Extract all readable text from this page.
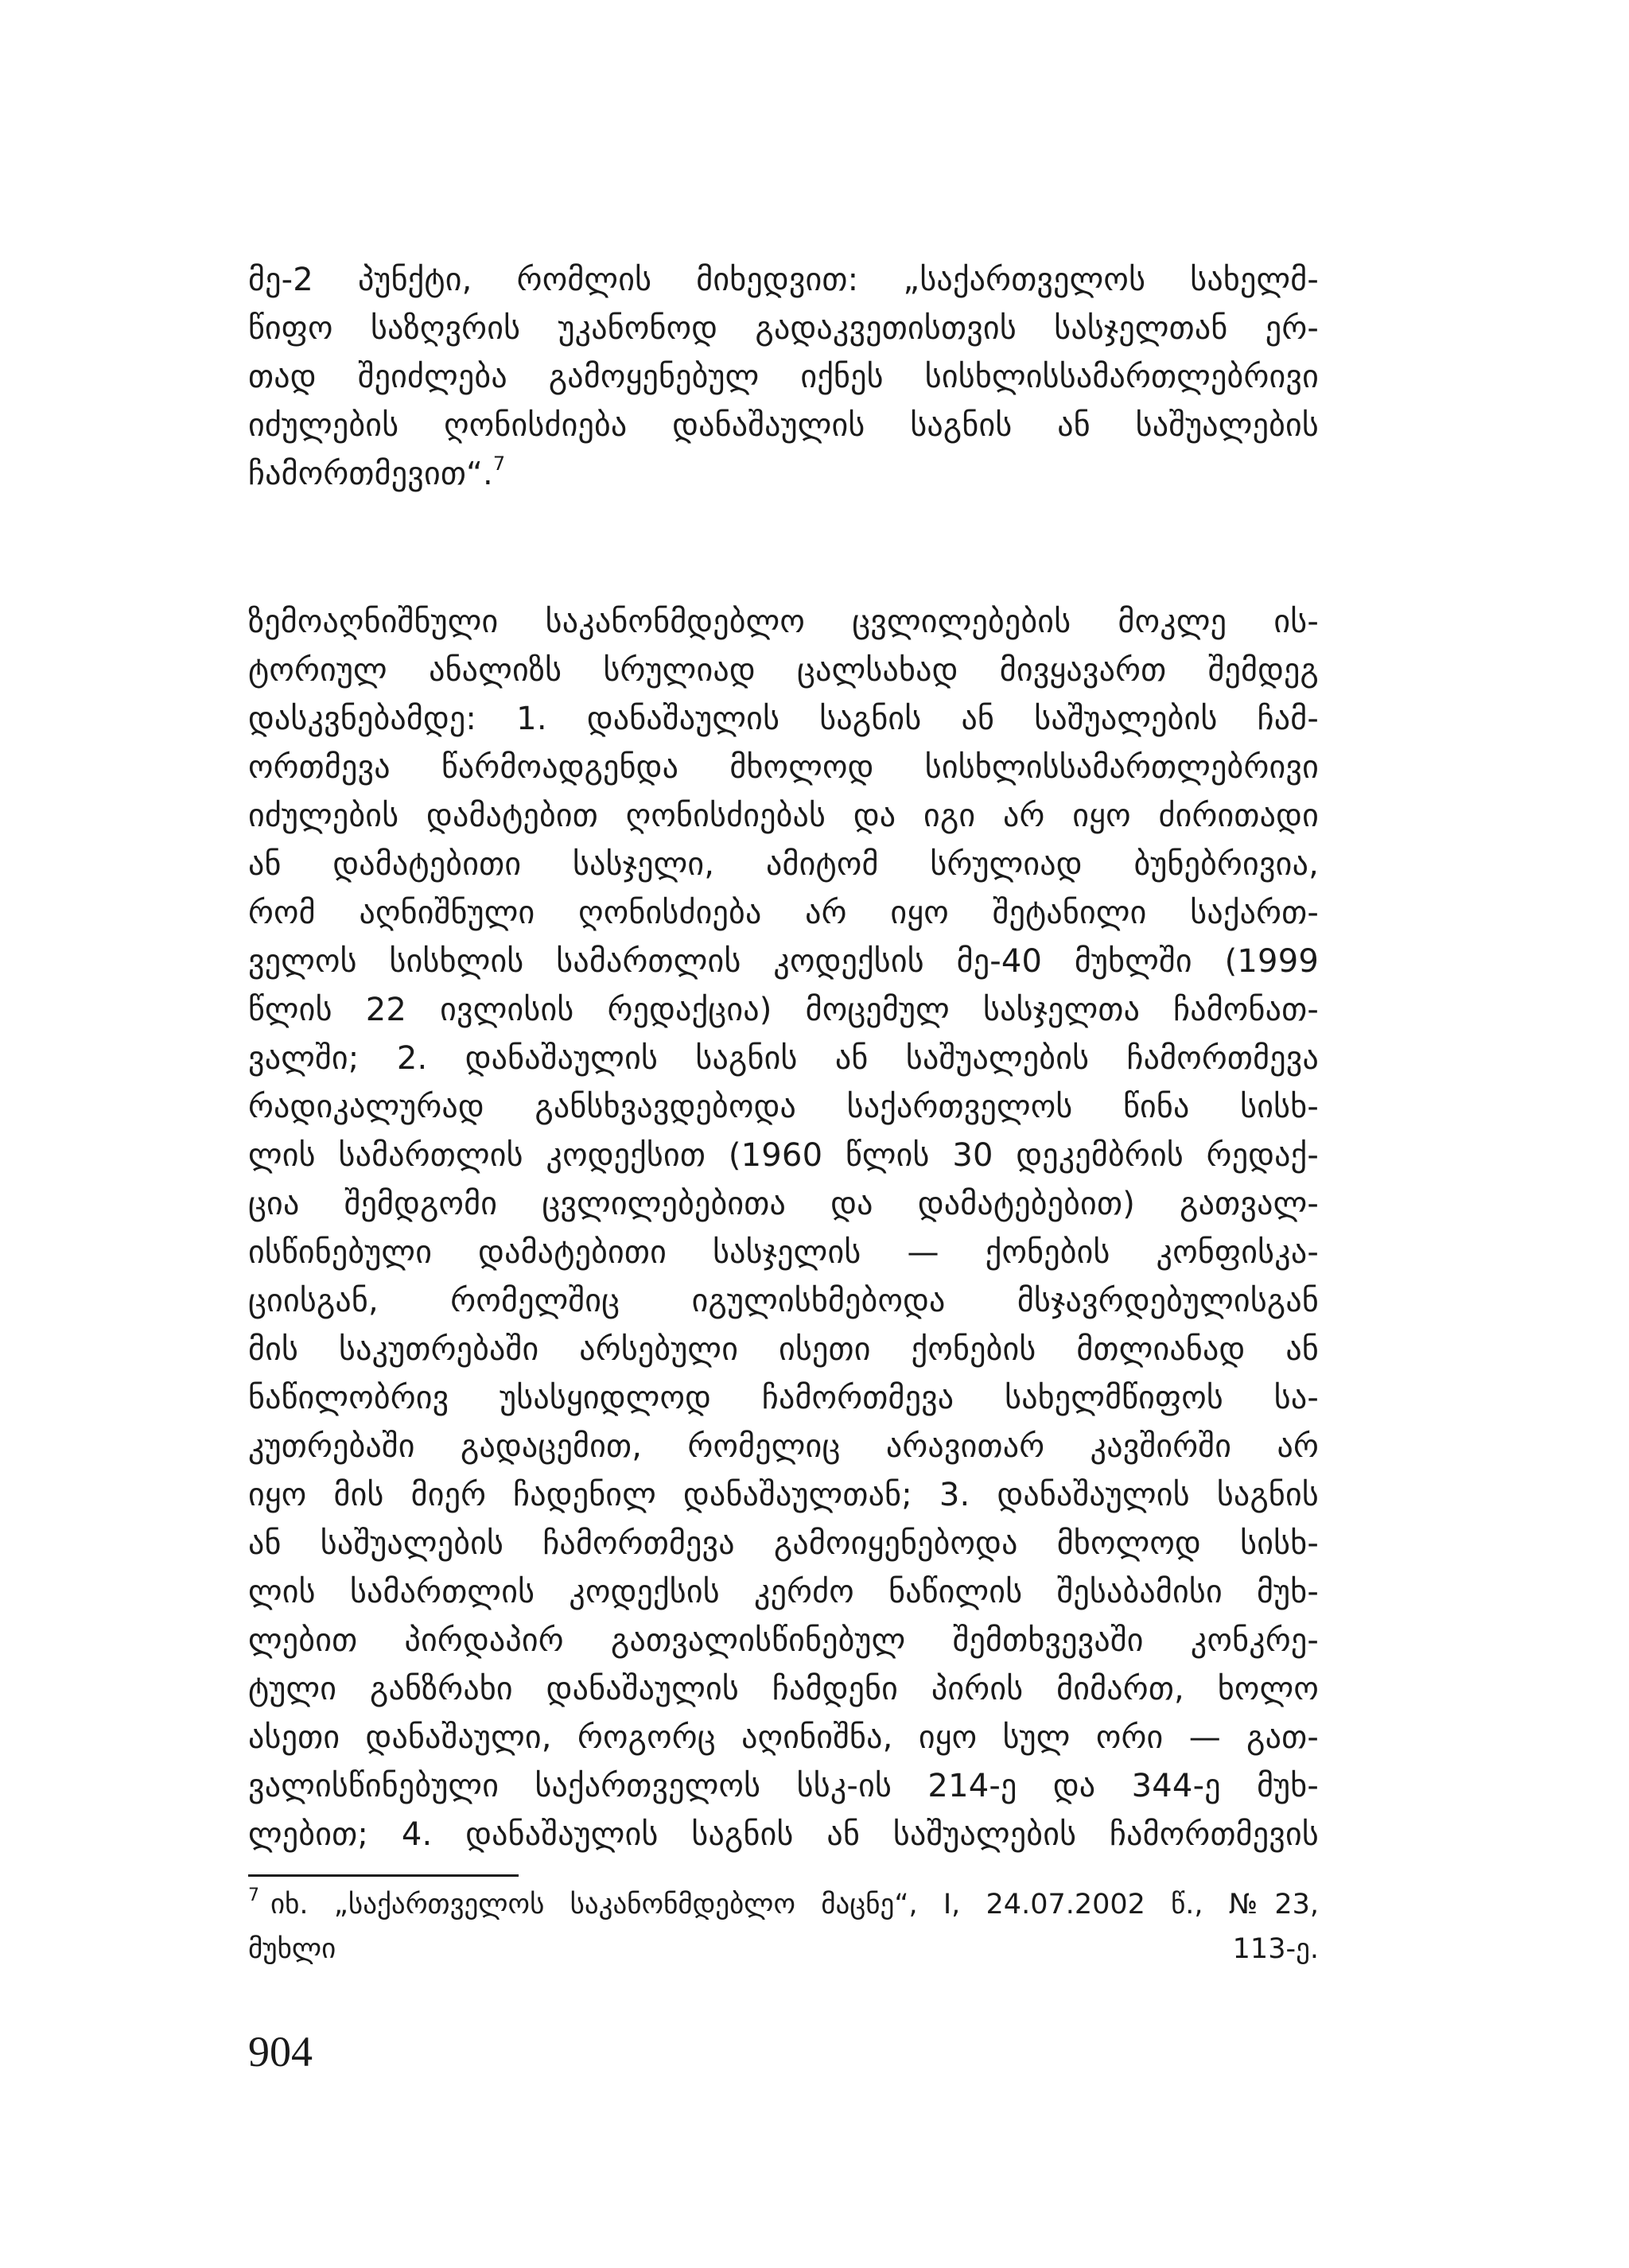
მე-2 პუნქტი, რომლის მიხედვით: „საქართველოს სახელმ-
წიფო საზღვრის უკანონოდ გადაკვეთისთვის სასჯელთან ერ-
თად შეიძლება გამოყენებულ იქნეს სისხლისსამართლებრივი
იძულების ღონისძიება დანაშაულის საგნის ან საშუალების
ჩამორთმევით“.$^7$
ზემოაღნიშნული საკანონმდებლო ცვლილებების მოკლე ის-
ტორიულ ანალიზს სრულიად ცალსახად მივყავართ შემდეგ
დასკვნებამდე: 1. დანაშაულის საგნის ან საშუალების ჩამ-
ორთმევა წარმოადგენდა მხოლოდ სისხლისსამართლებრივი
იძულების დამატებით ღონისძიებას და იგი არ იყო ძირითადი
ან დამატებითი სასჯელი, ამიტომ სრულიად ბუნებრივია,
რომ აღნიშნული ღონისძიება არ იყო შეტანილი საქართ-
ველოს სისხლის სამართლის კოდექსის მე-40 მუხლში (1999
წლის 22 ივლისის რედაქცია) მოცემულ სასჯელთა ჩამონათ-
ვალში; 2. დანაშაულის საგნის ან საშუალების ჩამორთმევა
რადიკალურად განსხვავდებოდა საქართველოს წინა სისხ-
ლის სამართლის კოდექსით (1960 წლის 30 დეკემბრის რედაქ-
ცია შემდგომი ცვლილებებითა და დამატებებით) გათვალ-
ისწინებული დამატებითი სასჯელის — ქონების კონფისკა-
ციისგან, რომელშიც იგულისხმებოდა მსჯავრდებულისგან
მის საკუთრებაში არსებული ისეთი ქონების მთლიანად ან
ნაწილობრივ უსასყიდლოდ ჩამორთმევა სახელმწიფოს სა-
კუთრებაში გადაცემით, რომელიც არავითარ კავშირში არ
იყო მის მიერ ჩადენილ დანაშაულთან; 3. დანაშაულის საგნის
ან საშუალების ჩამორთმევა გამოიყენებოდა მხოლოდ სისხ-
ლის სამართლის კოდექსის კერძო ნაწილის შესაბამისი მუხ-
ლებით პირდაპირ გათვალისწინებულ შემთხვევაში კონკრე-
ტული განზრახი დანაშაულის ჩამდენი პირის მიმართ, ხოლო
ასეთი დანაშაული, როგორც აღინიშნა, იყო სულ ორი — გათ-
ვალისწინებული საქართველოს სსკ-ის 214-ე და 344-ე მუხ-
ლებით; 4. დანაშაულის საგნის ან საშუალების ჩამორთმევის
$^7$ იხ. „საქართველოს საკანონმდებლო მაცნე“, I, 24.07.2002 წ., №23,
მუხლი 113-ე.
904
